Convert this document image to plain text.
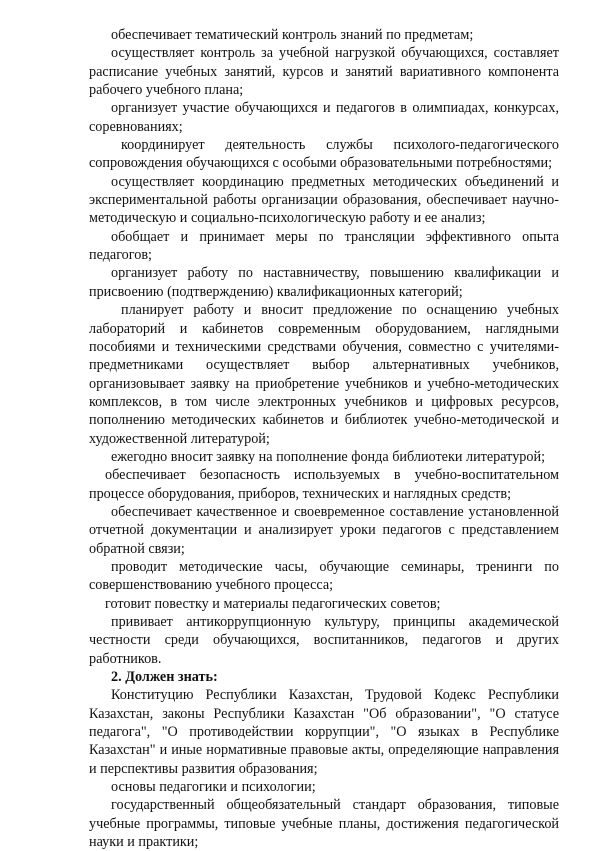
обеспечивает тематический контроль знаний по предметам;

осуществляет контроль за учебной нагрузкой обучающихся, составляет расписание учебных занятий, курсов и занятий вариативного компонента рабочего учебного плана;

организует участие обучающихся и педагогов в олимпиадах, конкурсах, соревнованиях;

координирует деятельность службы психолого-педагогического сопровождения обучающихся с особыми образовательными потребностями;

осуществляет координацию предметных методических объединений и экспериментальной работы организации образования, обеспечивает научно-методическую и социально-психологическую работу и ее анализ;

обобщает и принимает меры по трансляции эффективного опыта педагогов;

организует работу по наставничеству, повышению квалификации и присвоению (подтверждению) квалификационных категорий;

планирует работу и вносит предложение по оснащению учебных лабораторий и кабинетов современным оборудованием, наглядными пособиями и техническими средствами обучения, совместно с учителями-предметниками осуществляет выбор альтернативных учебников, организовывает заявку на приобретение учебников и учебно-методических комплексов, в том числе электронных учебников и цифровых ресурсов, пополнению методических кабинетов и библиотек учебно-методической и художественной литературой;

ежегодно вносит заявку на пополнение фонда библиотеки литературой;

обеспечивает безопасность используемых в учебно-воспитательном процессе оборудования, приборов, технических и наглядных средств;

обеспечивает качественное и своевременное составление установленной отчетной документации и анализирует уроки педагогов с представлением обратной связи;

проводит методические часы, обучающие семинары, тренинги по совершенствованию учебного процесса;

готовит повестку и материалы педагогических советов;

прививает антикоррупционную культуру, принципы академической честности среди обучающихся, воспитанников, педагогов и других работников.

2. Должен знать:

Конституцию Республики Казахстан, Трудовой Кодекс Республики Казахстан, законы Республики Казахстан "Об образовании", "О статусе педагога", "О противодействии коррупции", "О языках в Республике Казахстан" и иные нормативные правовые акты, определяющие направления и перспективы развития образования;

основы педагогики и психологии;

государственный общеобязательный стандарт образования, типовые учебные программы, типовые учебные планы, достижения педагогической науки и практики;
